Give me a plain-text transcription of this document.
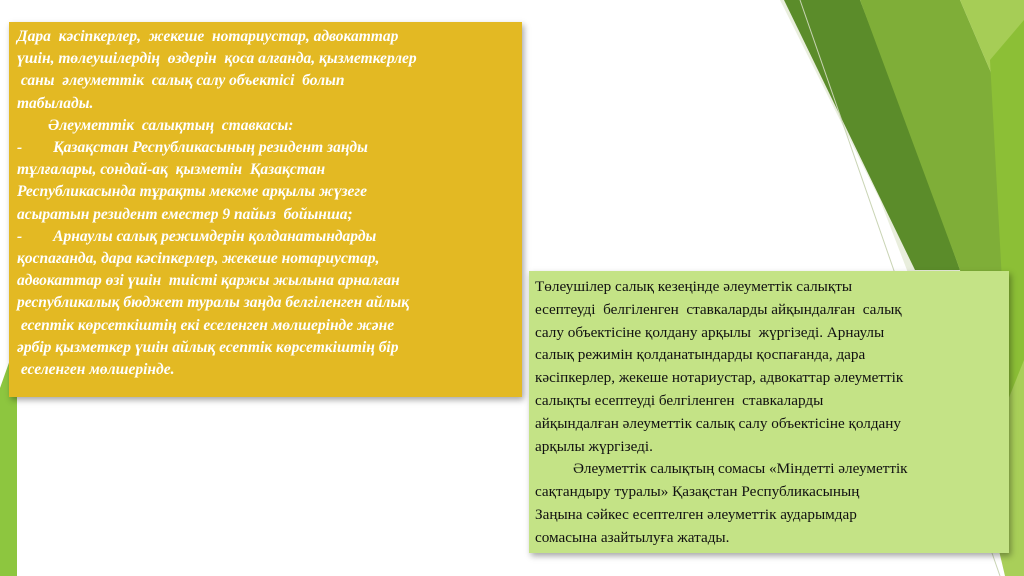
Дара  кәсіпкерлер,  жекеше  нотариустар, адвокаттар
үшін, төлеушілердің  өздерін  қоса алғанда, қызметкерлер
саны  әлеуметтік  салық салу объектісі  болып
табылады.
Әлеуметтік  салықтың  ставкасы:
-        Қазақстан Республикасының резидент заңды
тұлғалары, сондай-ақ  қызметін  Қазақстан
Республикасында тұрақты мекеме арқылы жүзеге
асыратын резидент еместер 9 пайыз  бойынша;
-        Арнаулы салық режимдерін қолданатындарды
қоспағанда, дара кәсіпкерлер, жекеше нотариустар,
адвокаттар өзі үшін  тиісті қаржы жылына арналған
республикалық бюджет туралы заңда белгіленген айлық
есептік көрсеткіштің екі еселенген мөлшерінде және
әрбір қызметкер үшін айлық есептік көрсеткіштің бір
еселенген мөлшерінде.
Төлеушілер салық кезеңінде әлеуметтік салықты
есептеуді  белгіленген  ставкаларды айқындалған  салық
салу объектісіне қолдану арқылы  жүргізеді. Арнаулы
салық режимін қолданатындарды қоспағанда, дара
кәсіпкерлер, жекеше нотариустар, адвокаттар әлеуметтік
салықты есептеуді белгіленген  ставкаларды
айқындалған әлеуметтік салық салу объектісіне қолдану
арқылы жүргізеді.
Әлеуметтік салықтың сомасы «Міндетті әлеуметтік
сақтандыру туралы» Қазақстан Республикасының
Заңына сәйкес есептелген әлеуметтік аударымдар
сомасына азайтылуға жатады.
